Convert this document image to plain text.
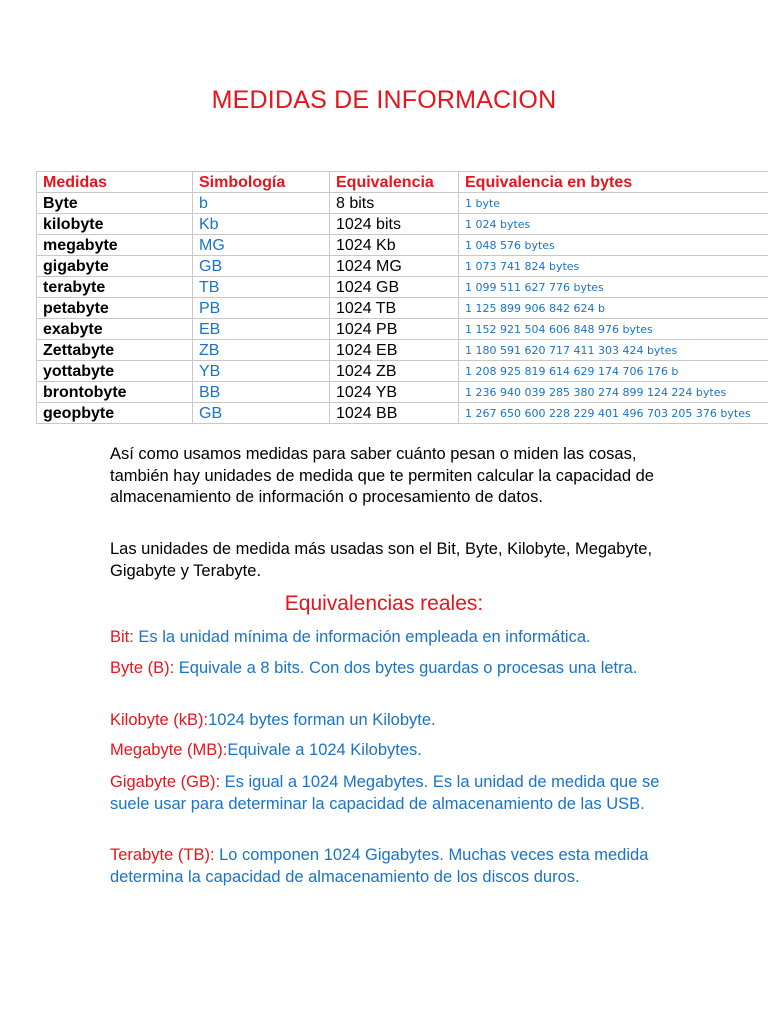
MEDIDAS DE INFORMACION
Medidas	Simbología	Equivalencia	Equivalencia en bytes
Byte	b	8 bits	1 byte
kilobyte	Kb	1024 bits	1 024 bytes
megabyte	MG	1024 Kb	1 048 576 bytes
gigabyte	GB	1024 MG	1 073 741 824 bytes
terabyte	TB	1024 GB	1 099 511 627 776 bytes
petabyte	PB	1024 TB	1 125 899 906 842 624 b
exabyte	EB	1024 PB	1 152 921 504 606 848 976 bytes
Zettabyte	ZB	1024 EB	1 180 591 620 717 411 303 424 bytes
yottabyte	YB	1024 ZB	1 208 925 819 614 629 174 706 176 b
brontobyte	BB	1024 YB	1 236 940 039 285 380 274 899 124 224 bytes
geopbyte	GB	1024 BB	1 267 650 600 228 229 401 496 703 205 376 bytes

Así como usamos medidas para saber cuánto pesan o miden las cosas, también hay unidades de medida que te permiten calcular la capacidad de almacenamiento de información o procesamiento de datos.

Las unidades de medida más usadas son el Bit, Byte, Kilobyte, Megabyte, Gigabyte y Terabyte.

Equivalencias reales:

Bit: Es la unidad mínima de información empleada en informática.

Byte (B): Equivale a 8 bits. Con dos bytes guardas o procesas una letra.

Kilobyte (kB):1024 bytes forman un Kilobyte.

Megabyte (MB):Equivale a 1024 Kilobytes.

Gigabyte (GB): Es igual a 1024 Megabytes. Es la unidad de medida que se suele usar para determinar la capacidad de almacenamiento de las USB.

Terabyte (TB): Lo componen 1024 Gigabytes. Muchas veces esta medida determina la capacidad de almacenamiento de los discos duros.
